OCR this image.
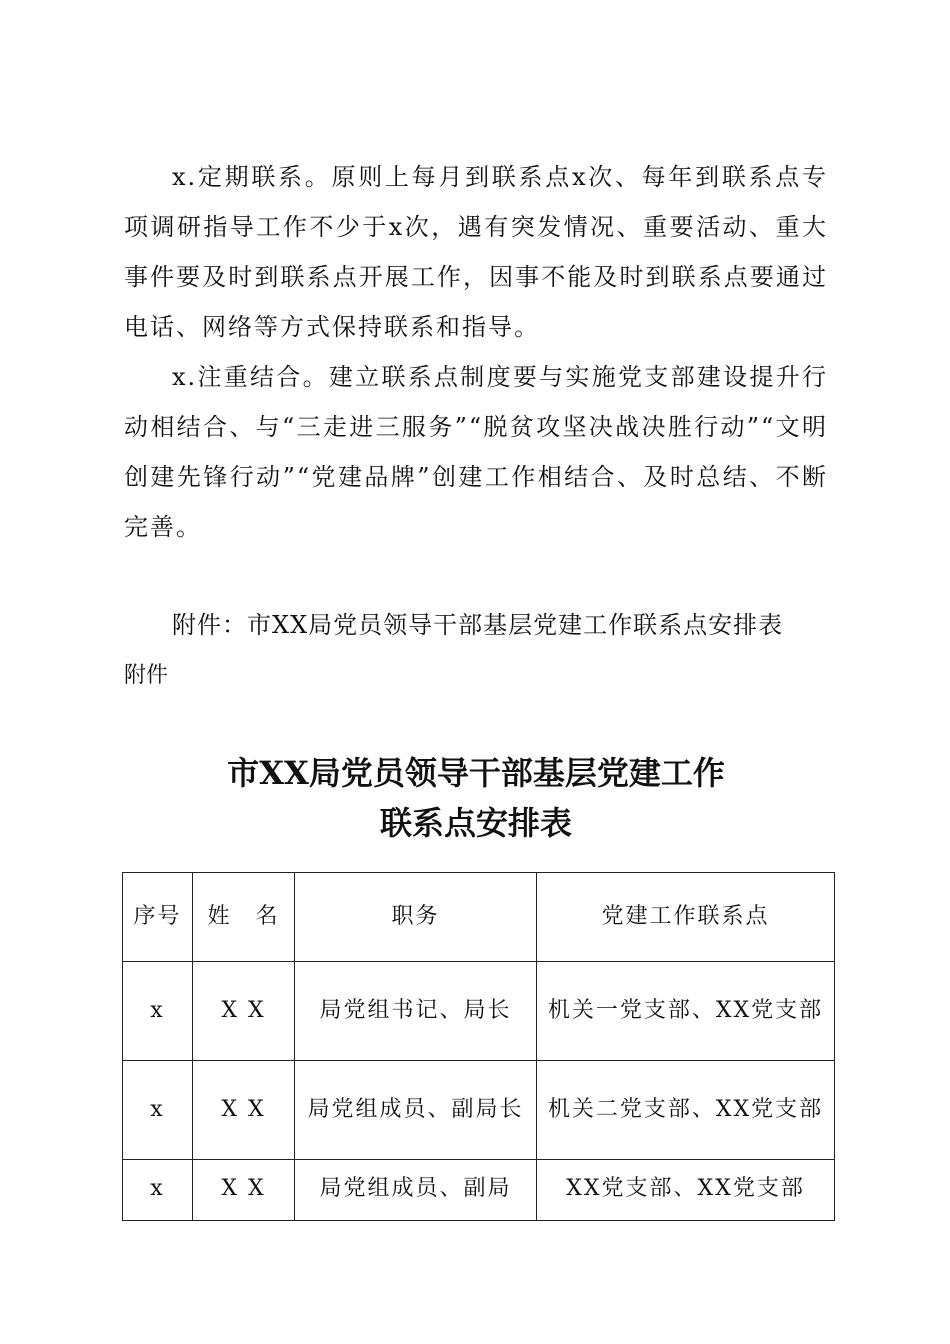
x.定期联系。原则上每月到联系点x次、每年到联系点专项调研指导工作不少于x次，遇有突发情况、重要活动、重大事件要及时到联系点开展工作，因事不能及时到联系点要通过电话、网络等方式保持联系和指导。

x.注重结合。建立联系点制度要与实施党支部建设提升行动相结合、与“三走进三服务”“脱贫攻坚决战决胜行动”“文明创建先锋行动”“党建品牌”创建工作相结合、及时总结、不断完善。

附件：市XX局党员领导干部基层党建工作联系点安排表
附件
市XX局党员领导干部基层党建工作
联系点安排表
序号	姓　名	职务	党建工作联系点
x	X X	局党组书记、局长	机关一党支部、XX党支部
x	X X	局党组成员、副局长	机关二党支部、XX党支部
x	X X	局党组成员、副局	XX党支部、XX党支部
